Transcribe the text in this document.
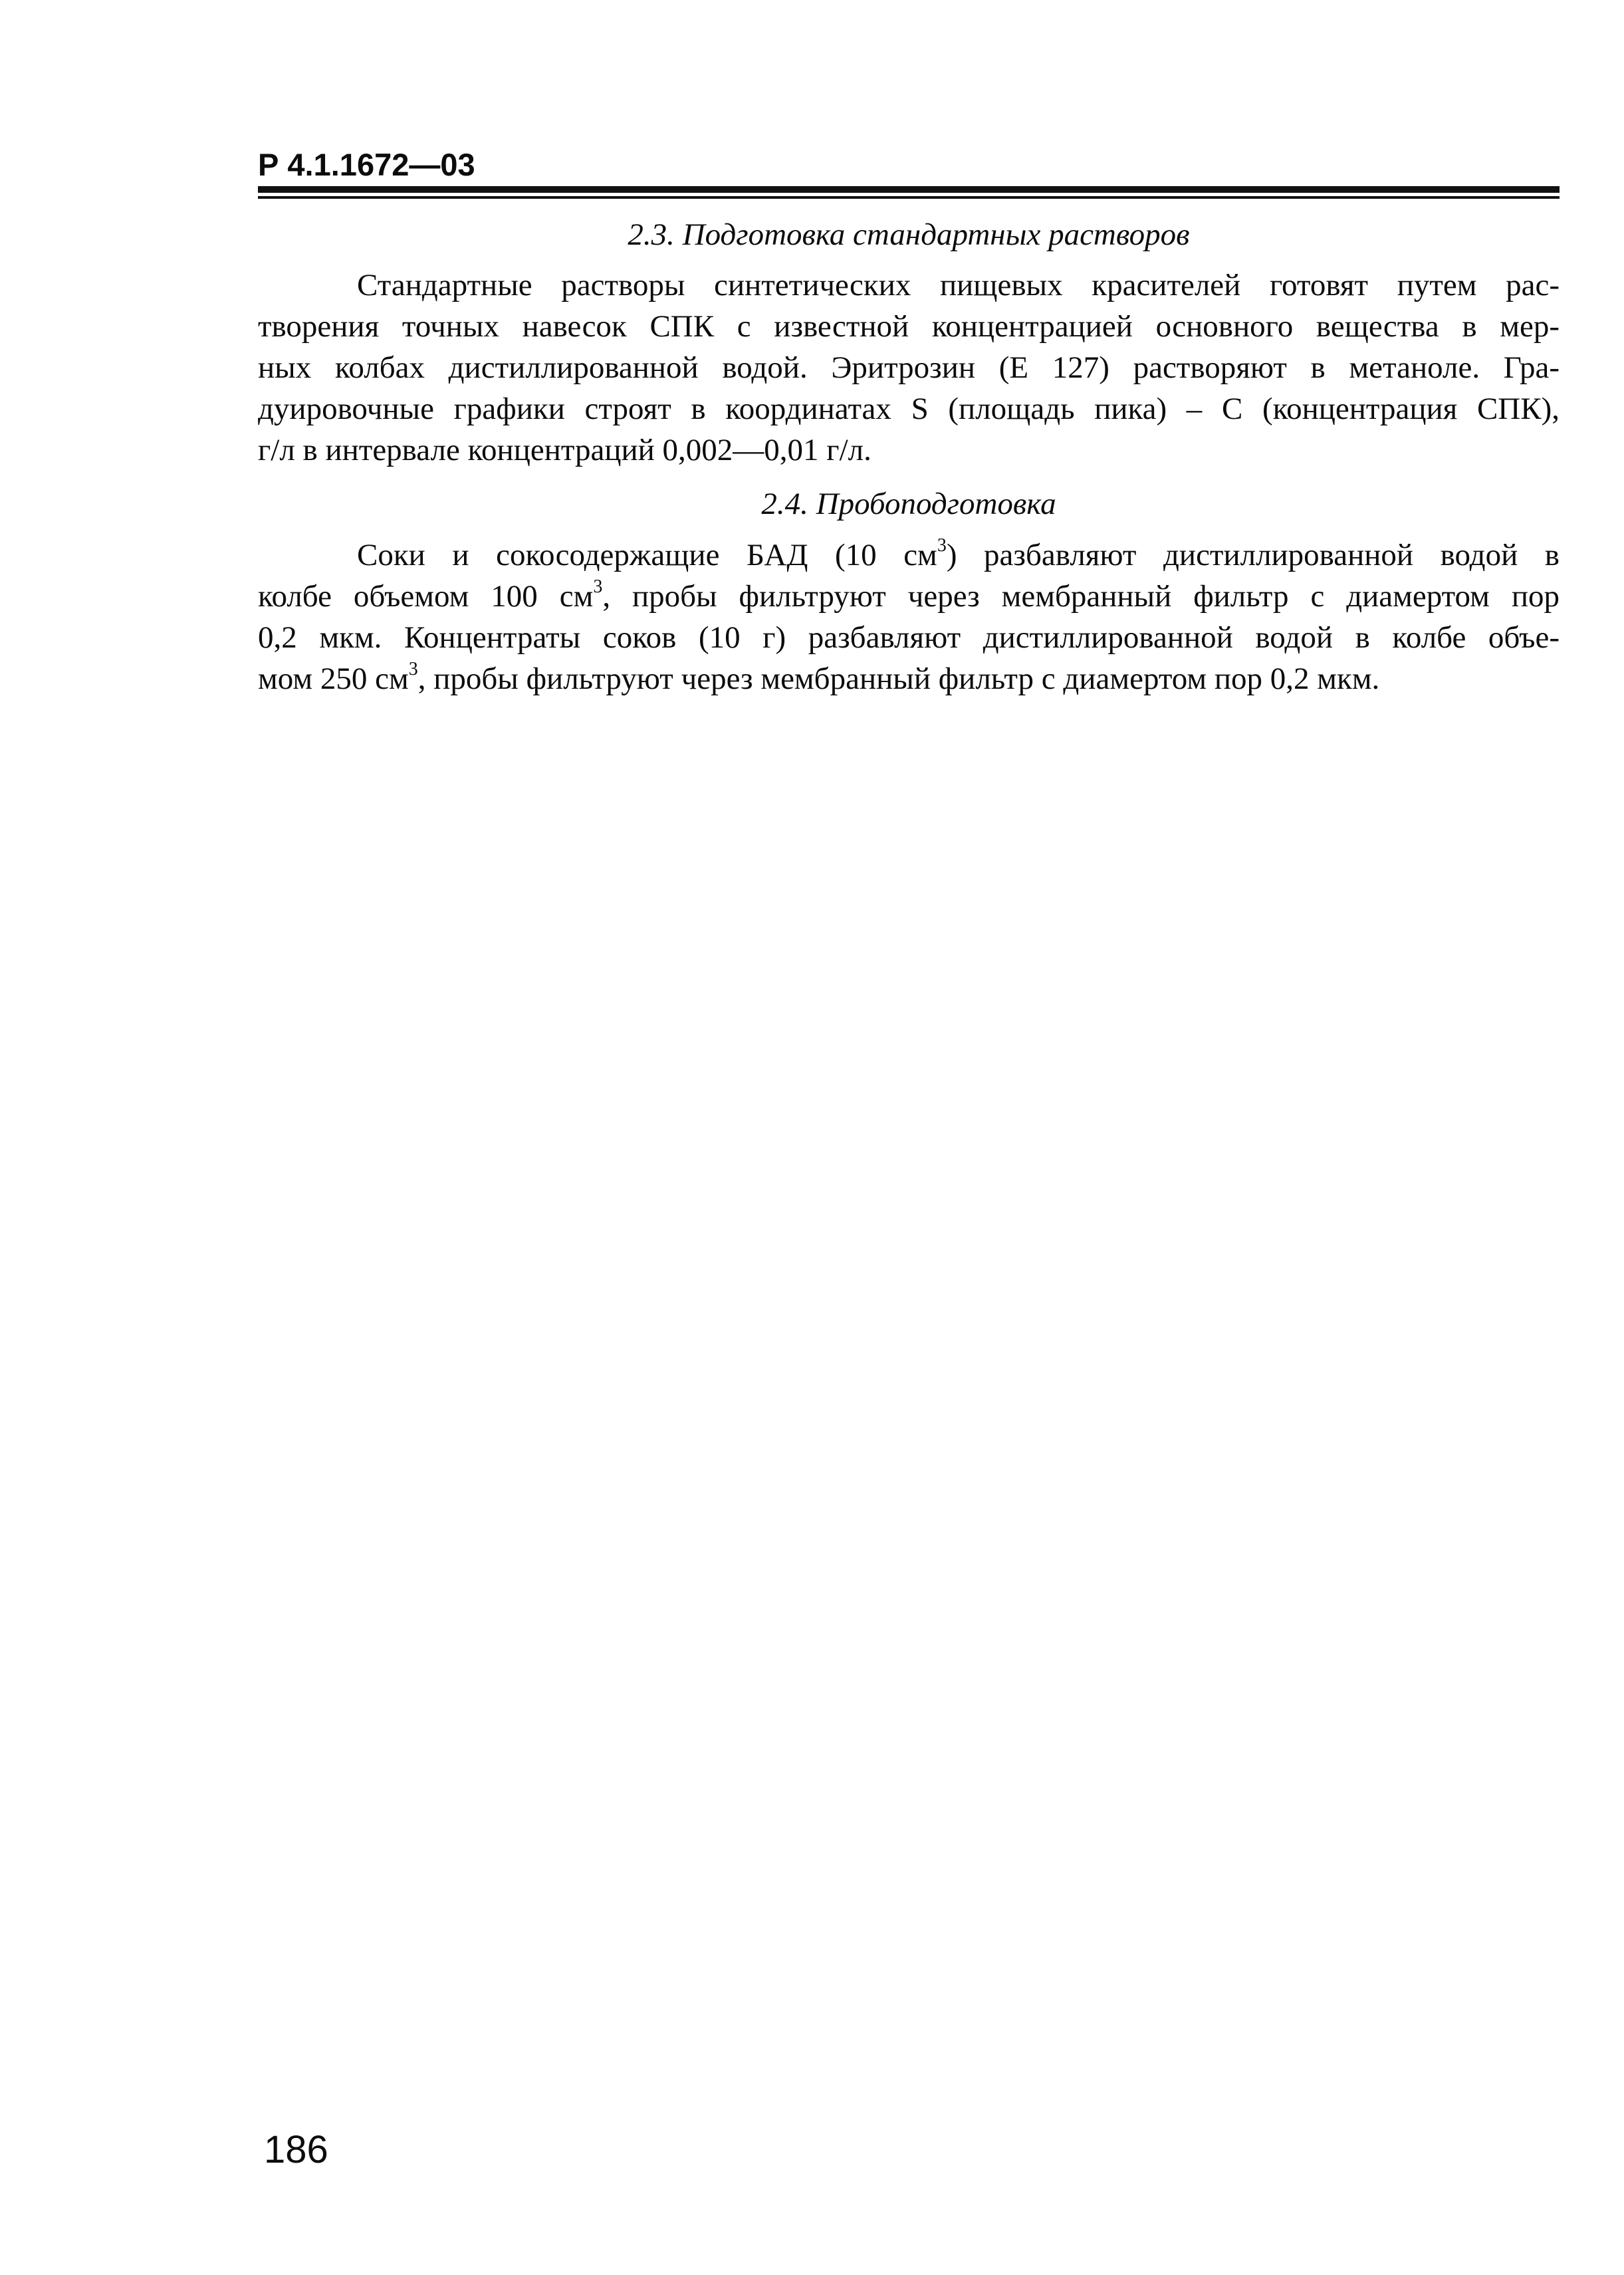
Р 4.1.1672—03
2.3. Подготовка стандартных растворов
Стандартные растворы синтетических пищевых красителей готовят путем рас-
творения точных навесок СПК с известной концентрацией основного вещества в мер-
ных колбах дистиллированной водой. Эритрозин (Е 127) растворяют в метаноле. Гра-
дуировочные графики строят в координатах S (площадь пика) – С (концентрация СПК),
г/л в интервале концентраций 0,002—0,01 г/л.
2.4. Пробоподготовка
Соки и сокосодержащие БАД (10 $см^3$) разбавляют дистиллированной водой в
колбе объемом 100 $см^3$, пробы фильтруют через мембранный фильтр с диамертом пор
0,2 мкм. Концентраты соков (10 г) разбавляют дистиллированной водой в колбе объе-
мом 250 $см^3$, пробы фильтруют через мембранный фильтр с диамертом пор 0,2 мкм.
186
